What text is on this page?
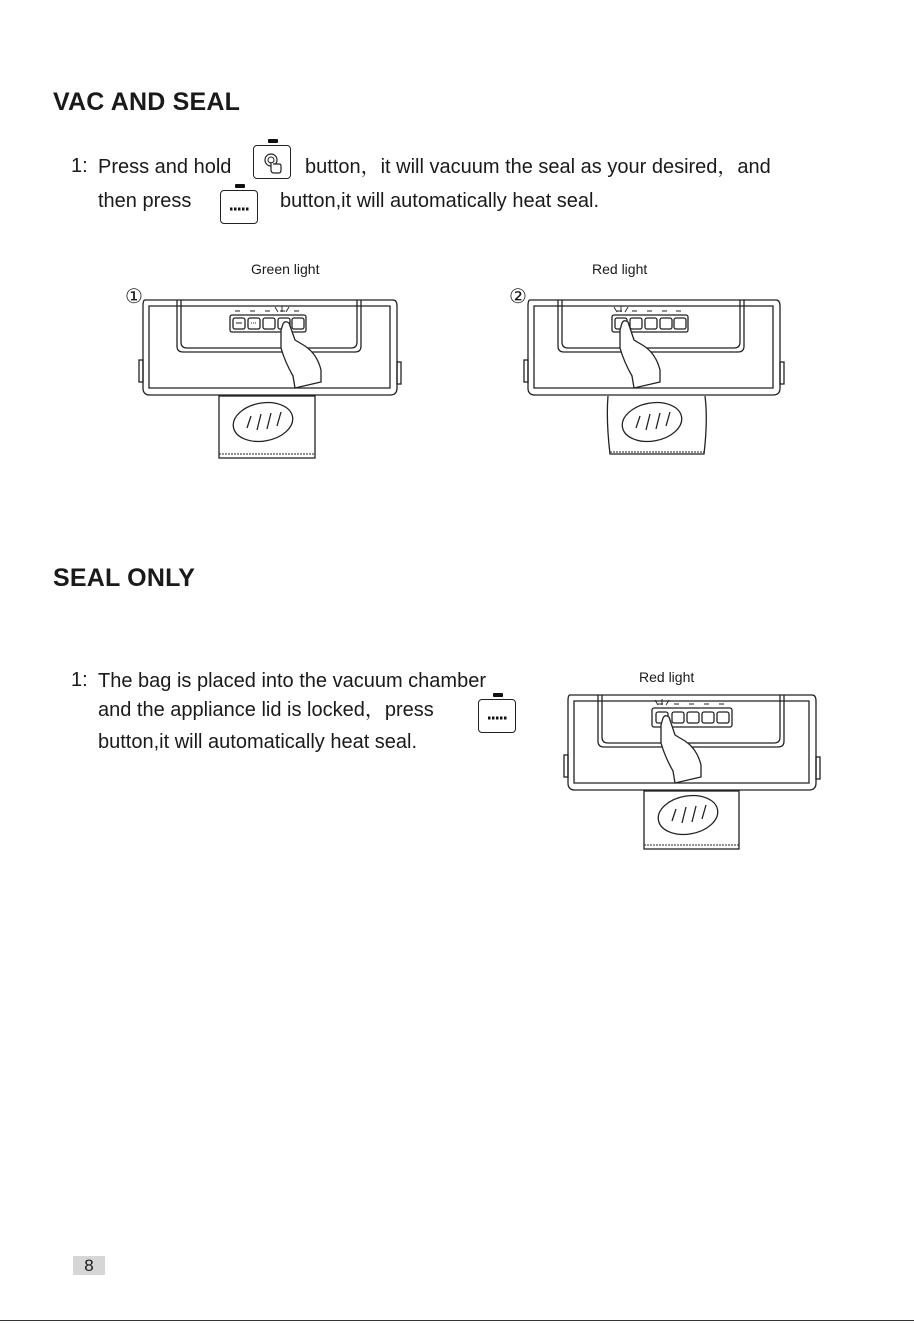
VAC AND SEAL
1: Press and hold	button，it will vacuum the seal as your desired，and
then press	button,it will automatically heat seal.
Green light	Red light
①	②
SEAL ONLY
1: The bag is placed into the vacuum chamber
and the appliance lid is locked，press
button,it will automatically heat seal.
Red light
8
